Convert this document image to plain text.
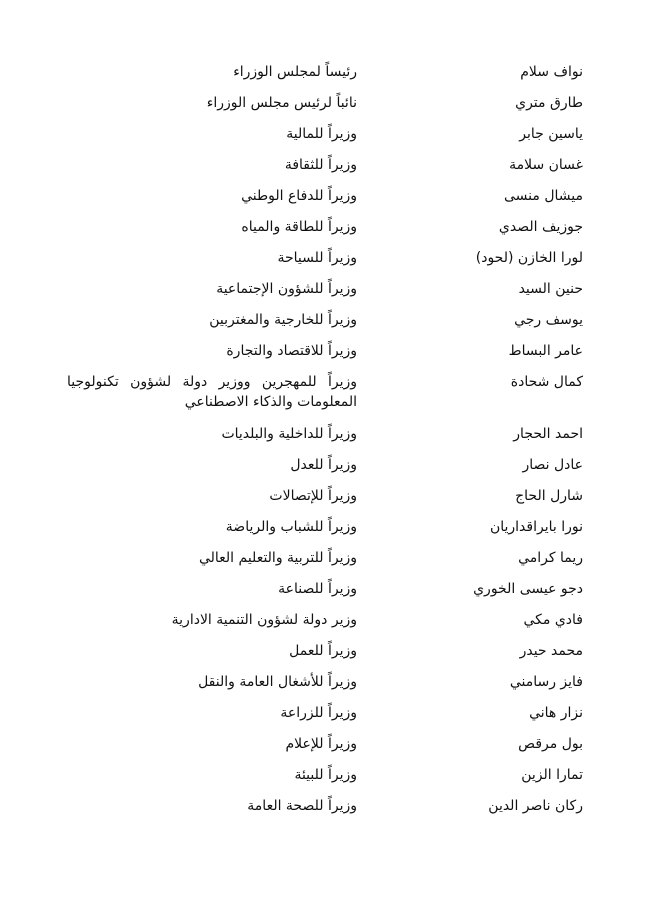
نواف سلام
رئيساً لمجلس الوزراء
طارق متري
نائباً لرئيس مجلس الوزراء
ياسين جابر
وزيراً للمالية
غسان سلامة
وزيراً للثقافة
ميشال منسى
وزيراً للدفاع الوطني
جوزيف الصدي
وزيراً للطاقة والمياه
لورا الخازن (لحود)
وزيراً للسياحة
حنين السيد
وزيراً للشؤون الإجتماعية
يوسف رجي
وزيراً للخارجية والمغتربين
عامر البساط
وزيراً للاقتصاد والتجارة
كمال شحادة
وزيراً للمهجرين ووزير دولة لشؤون تكنولوجيا المعلومات والذكاء الاصطناعي
احمد الحجار
وزيراً للداخلية والبلديات
عادل نصار
وزيراً للعدل
شارل الحاج
وزيراً للإتصالات
نورا بايراقداريان
وزيراً للشباب والرياضة
ريما كرامي
وزيراً للتربية والتعليم العالي
دجو عيسى الخوري
وزيراً للصناعة
فادي مكي
وزير دولة لشؤون التنمية الادارية
محمد حيدر
وزيراً للعمل
فايز رسامني
وزيراً للأشغال العامة والنقل
نزار هاني
وزيراً للزراعة
بول مرقص
وزيراً للإعلام
تمارا الزين
وزيراً للبيئة
ركان ناصر الدين
وزيراً للصحة العامة
